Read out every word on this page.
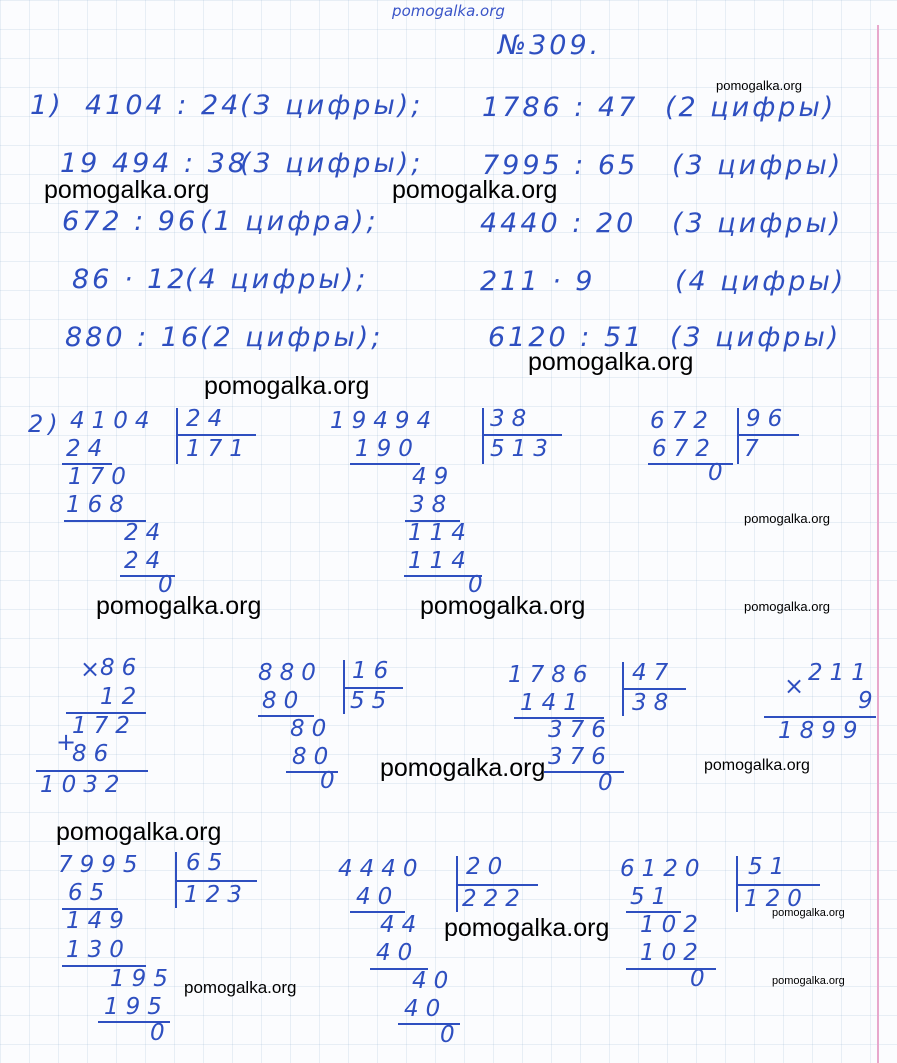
pomogalka.org
№309.
1) 4104 : 24
(3 цифры);
19 494 : 38
(3 цифры);
672 : 96 (1 цифра);
86 · 12
(4 цифры);
880 : 16
(2 цифры);
1786 : 47 (2 цифры)
7995 : 65 (3 цифры)
4440 : 20 (3 цифры)
211 · 9	(4 цифры)
6120 : 51 (3 цифры)
2) 4104 24
171
24
170
168
24
24
0
19494 38
513
190
49
38
114
114
0
672 96
7
672
0
×
86
12
172
+
86
1032
880 16
55
80
80
80
0
1786 47
38
141
376
376
0
×
211
9
1899
7995 65
123
65
149
130
195
195
0
4440 20
222
40
44
40
40
40
0
6120 51
120
51
102
102
0
pomogalka.org
pomogalka.org	pomogalka.org
pomogalka.org
pomogalka.org
pomogalka.org
pomogalka.org	pomogalka.org	pomogalka.org
pomogalka.org	pomogalka.org
pomogalka.org
pomogalka.org
pomogalka.org
pomogalka.org
pomogalka.org
